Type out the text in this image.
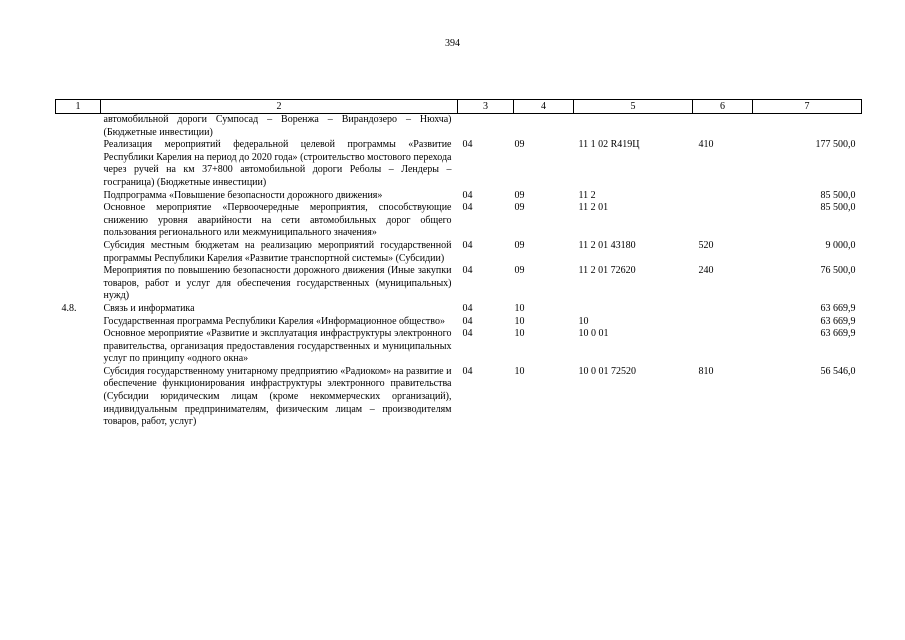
394
1	2	3	4	5	6	7
	автомобильной дороги Сумпосад – Воренжа – Вирандозеро – Нюхча) (Бюджетные инвестиции)					
	Реализация мероприятий федеральной целевой программы «Развитие Республики Карелия на период до 2020 года» (строительство мостового перехода через ручей на км 37+800 автомобильной дороги Реболы – Лендеры – госграница) (Бюджетные инвестиции)	04	09	11 1 02 R419Ц	410	177 500,0
	Подпрограмма «Повышение безопасности дорожного движения»	04	09	11 2		85 500,0
	Основное мероприятие «Первоочередные мероприятия, способствующие снижению уровня аварийности на сети автомобильных дорог общего пользования регионального или межмуниципального значения»	04	09	11 2 01		85 500,0
	Субсидия местным бюджетам на реализацию мероприятий государственной программы Республики Карелия «Развитие транспортной системы» (Субсидии)	04	09	11 2 01 43180	520	9 000,0
	Мероприятия по повышению безопасности дорожного движения (Иные закупки товаров, работ и услуг для обеспечения государственных (муниципальных) нужд)	04	09	11 2 01 72620	240	76 500,0
4.8.	Связь и информатика	04	10			63 669,9
	Государственная программа Республики Карелия «Информационное общество»	04	10	10		63 669,9
	Основное мероприятие «Развитие и эксплуатация инфраструктуры электронного правительства, организация предоставления государственных и муниципальных услуг по принципу «одного окна»	04	10	10 0 01		63 669,9
	Субсидия государственному унитарному предприятию «Радиоком» на развитие и обеспечение функционирования инфраструктуры электронного правительства (Субсидии юридическим лицам (кроме некоммерческих организаций), индивидуальным предпринимателям, физическим лицам – производителям товаров, работ, услуг)	04	10	10 0 01 72520	810	56 546,0
